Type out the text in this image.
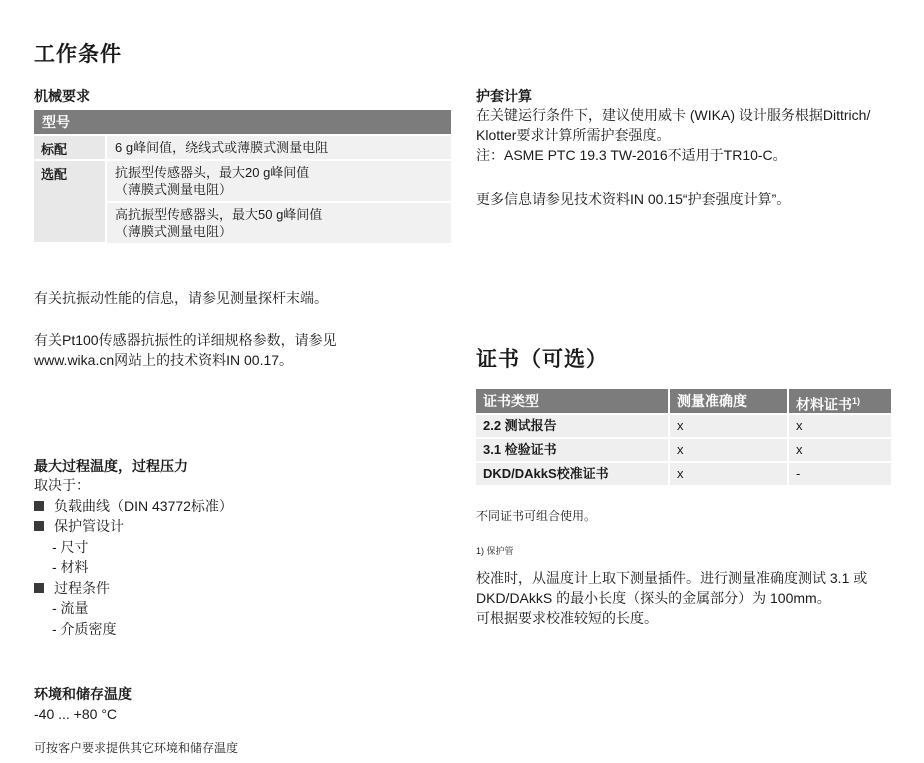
工作条件
机械要求
型号
标配	6 g峰间值，绕线式或薄膜式测量电阻
选配	抗振型传感器头，最大20 g峰间值
（薄膜式测量电阻）
高抗振型传感器头，最大50 g峰间值
（薄膜式测量电阻）
有关抗振动性能的信息，请参见测量探杆末端。
有关Pt100传感器抗振性的详细规格参数，请参见
www.wika.cn网站上的技术资料IN 00.17。
最大过程温度，过程压力
取决于：
负载曲线（DIN 43772标准）
保护管设计
- 尺寸
- 材料
过程条件
- 流量
- 介质密度
环境和储存温度
-40 ... +80 °C
可按客户要求提供其它环境和储存温度
护套计算
在关键运行条件下，建议使用威卡 (WIKA) 设计服务根据Dittrich/
Klotter要求计算所需护套强度。
注：ASME PTC 19.3 TW-2016不适用于TR10-C。
更多信息请参见技术资料IN 00.15“护套强度计算”。
证书（可选）
证书类型	测量准确度	材料证书$^{1)}$
2.2 测试报告	x	x
3.1 检验证书	x	x
DKD/DAkkS校准证书	x	-
不同证书可组合使用。
1) 保护管
校准时，从温度计上取下测量插件。进行测量准确度测试 3.1 或
DKD/DAkkS 的最小长度（探头的金属部分）为 100mm。
可根据要求校准较短的长度。
